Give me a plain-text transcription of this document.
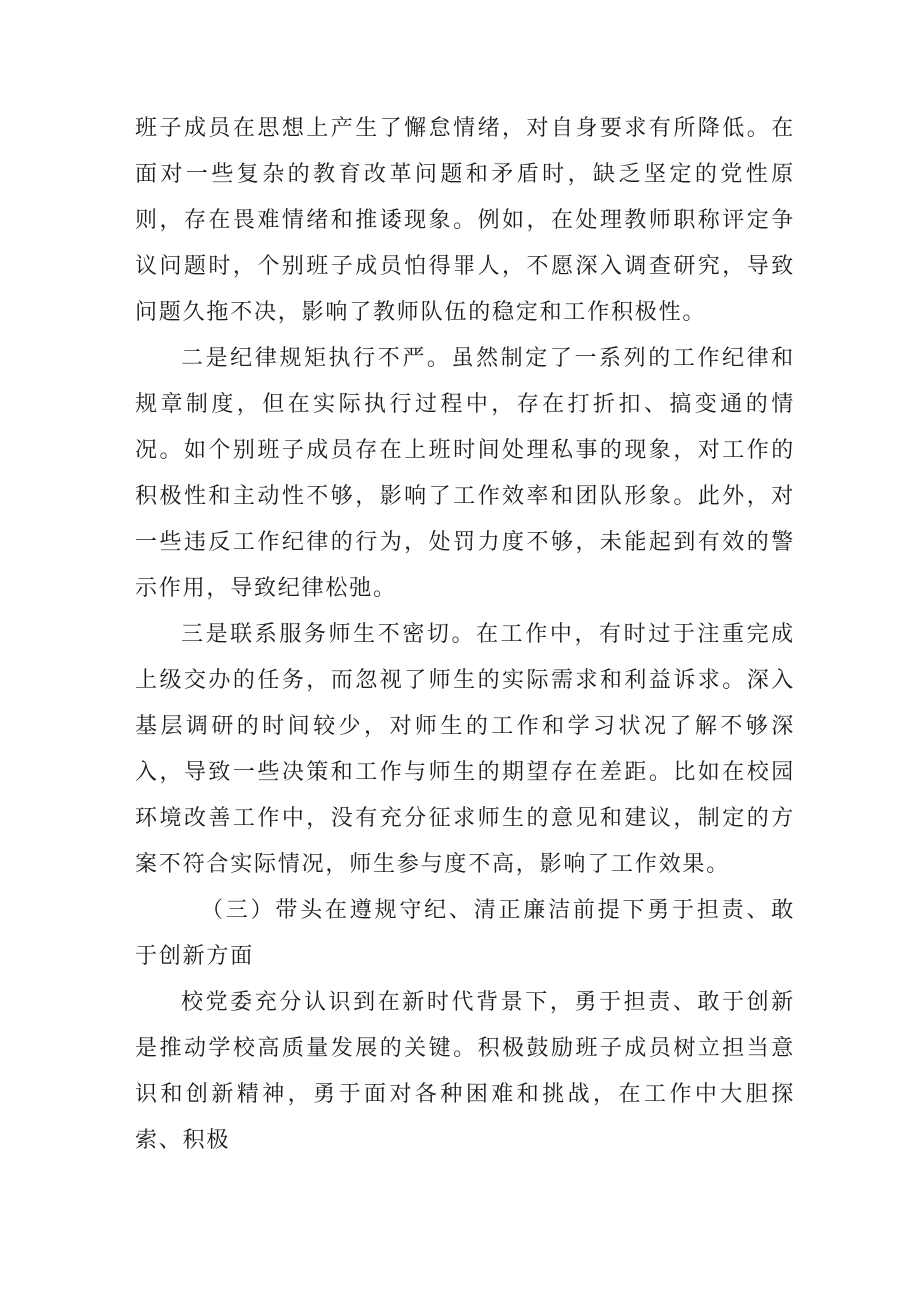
班子成员在思想上产生了懈怠情绪，对自身要求有所降低。在面对一些复杂的教育改革问题和矛盾时，缺乏坚定的党性原则，存在畏难情绪和推诿现象。例如，在处理教师职称评定争议问题时，个别班子成员怕得罪人，不愿深入调查研究，导致问题久拖不决，影响了教师队伍的稳定和工作积极性。

二是纪律规矩执行不严。虽然制定了一系列的工作纪律和规章制度，但在实际执行过程中，存在打折扣、搞变通的情况。如个别班子成员存在上班时间处理私事的现象，对工作的积极性和主动性不够，影响了工作效率和团队形象。此外，对一些违反工作纪律的行为，处罚力度不够，未能起到有效的警示作用，导致纪律松弛。

三是联系服务师生不密切。在工作中，有时过于注重完成上级交办的任务，而忽视了师生的实际需求和利益诉求。深入基层调研的时间较少，对师生的工作和学习状况了解不够深入，导致一些决策和工作与师生的期望存在差距。比如在校园环境改善工作中，没有充分征求师生的意见和建议，制定的方案不符合实际情况，师生参与度不高，影响了工作效果。

（三）带头在遵规守纪、清正廉洁前提下勇于担责、敢于创新方面

校党委充分认识到在新时代背景下，勇于担责、敢于创新是推动学校高质量发展的关键。积极鼓励班子成员树立担当意识和创新精神，勇于面对各种困难和挑战，在工作中大胆探索、积极
